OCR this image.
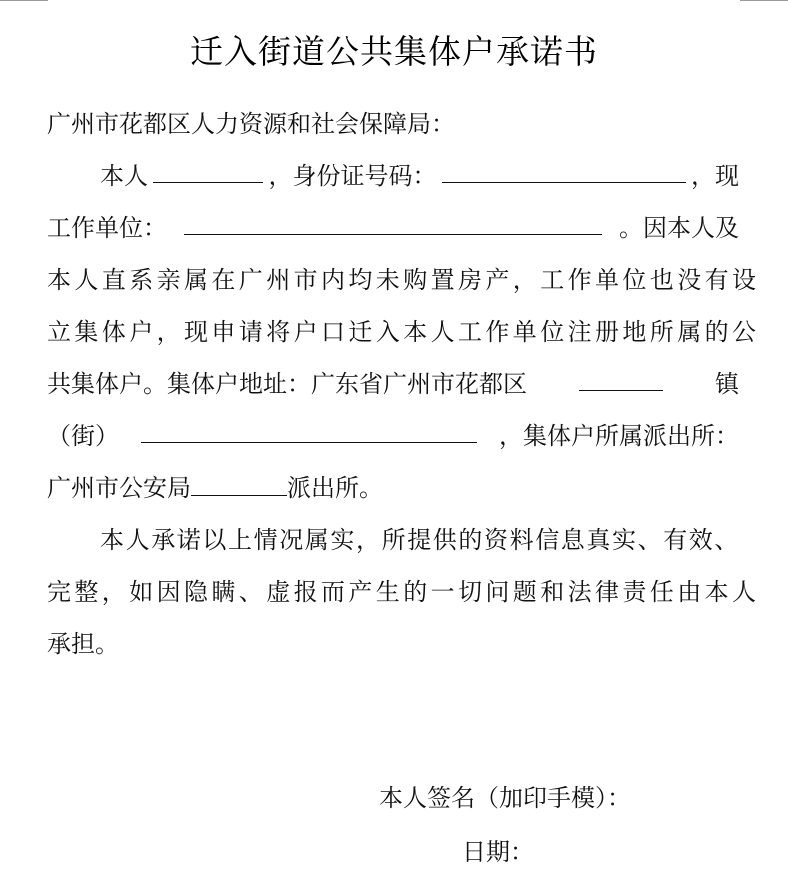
迁入街道公共集体户承诺书
广州市花都区人力资源和社会保障局：
本人	，身份证号码：	，现
工作单位：	。因本人及
本人直系亲属在广州市内均未购置房产，工作单位也没有设
立集体户，现申请将户口迁入本人工作单位注册地所属的公
共集体户。集体户地址：广东省广州市花都区	镇
（街）	，集体户所属派出所：
广州市公安局	派出所。
本人承诺以上情况属实，所提供的资料信息真实、有效、
完整，如因隐瞒、虚报而产生的一切问题和法律责任由本人
承担。
本人签名（加印手模）：
日期：
